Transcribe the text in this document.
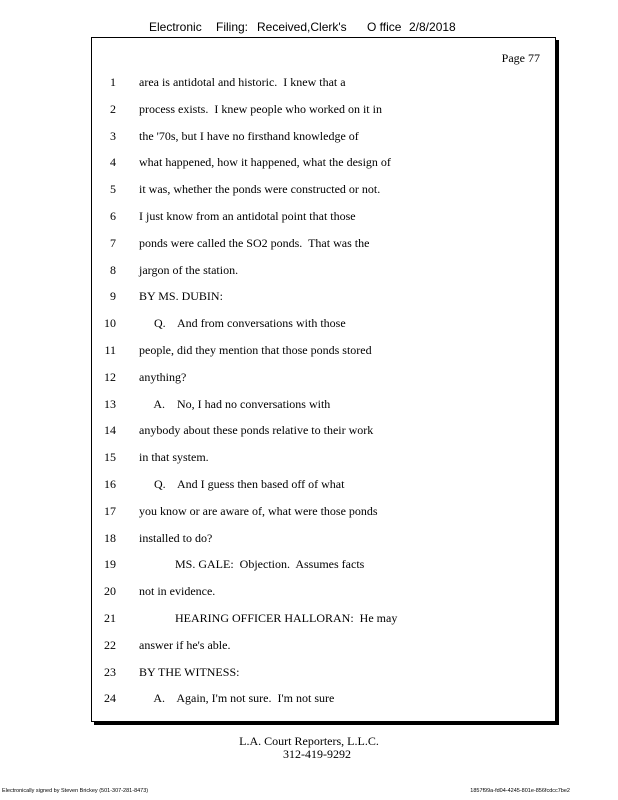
Electronic Filing: Received,Clerk's O ffice 2/8/2018
Page 77
1 area is antidotal and historic.  I knew that a
2 process exists.  I knew people who worked on it in
3 the '70s, but I have no firsthand knowledge of
4 what happened, how it happened, what the design of
5 it was, whether the ponds were constructed or not.
6 I just know from an antidotal point that those
7 ponds were called the SO2 ponds.  That was the
8 jargon of the station.
9 BY MS. DUBIN:
10 Q.    And from conversations with those
11 people, did they mention that those ponds stored
12 anything?
13 A.    No, I had no conversations with
14 anybody about these ponds relative to their work
15 in that system.
16 Q.    And I guess then based off of what
17 you know or are aware of, what were those ponds
18 installed to do?
19 MS. GALE:  Objection.  Assumes facts
20 not in evidence.
21 HEARING OFFICER HALLORAN:  He may
22 answer if he's able.
23 BY THE WITNESS:
24 A.    Again, I'm not sure.  I'm not sure
L.A. Court Reporters, L.L.C.
312-419-9292
Electronically signed by Steven Brickey (501-307-281-8473)	1857f99a-fd04-4245-801e-856fcdcc7be2
